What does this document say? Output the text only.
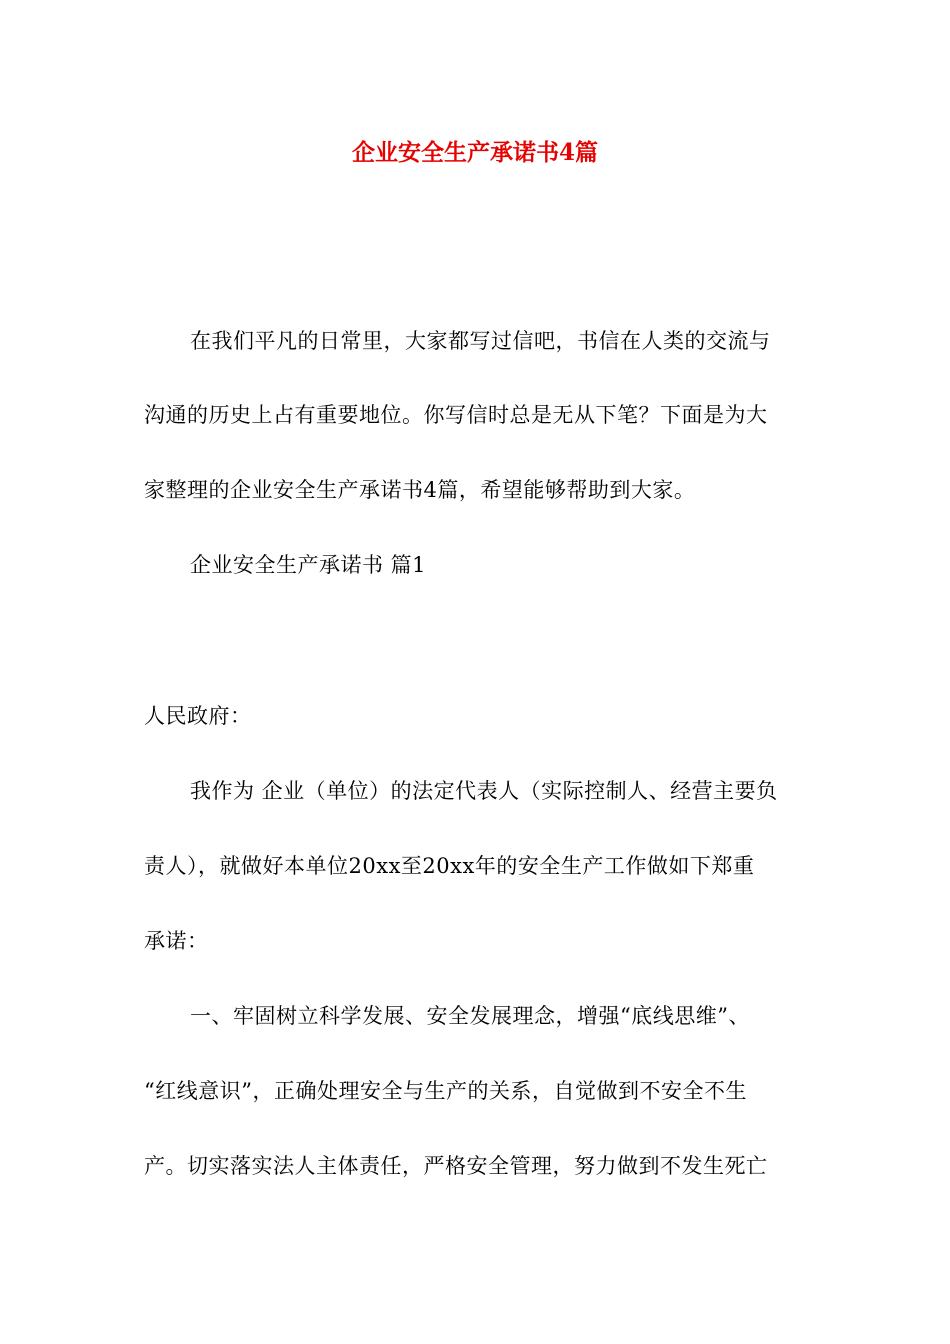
企业安全生产承诺书4篇
在我们平凡的日常里，大家都写过信吧，书信在人类的交流与
沟通的历史上占有重要地位。你写信时总是无从下笔？下面是为大
家整理的企业安全生产承诺书4篇，希望能够帮助到大家。
企业安全生产承诺书 篇1
人民政府：
我作为 企业（单位）的法定代表人（实际控制人、经营主要负
责人），就做好本单位20xx至20xx年的安全生产工作做如下郑重
承诺：
一、牢固树立科学发展、安全发展理念，增强“底线思维”、
“红线意识”，正确处理安全与生产的关系，自觉做到不安全不生
产。切实落实法人主体责任，严格安全管理，努力做到不发生死亡
